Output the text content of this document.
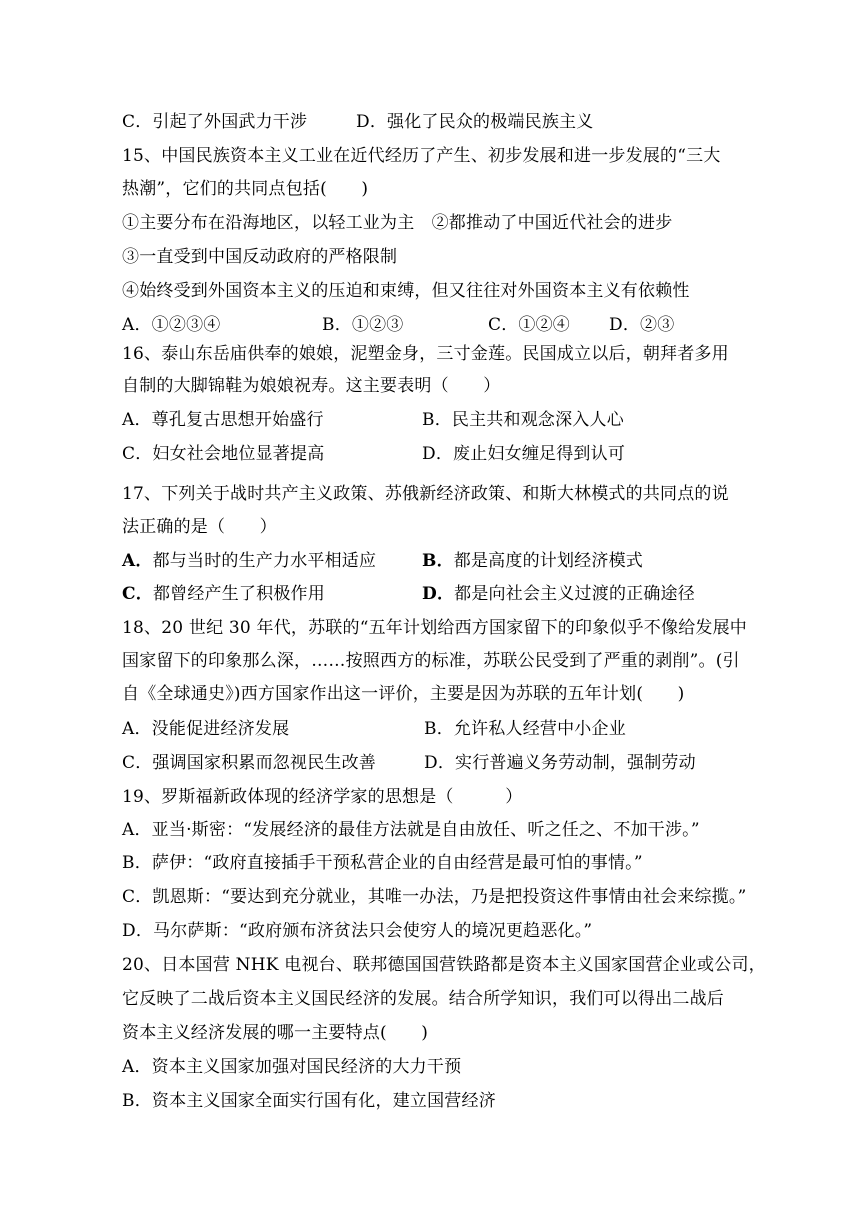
C．引起了外国武力干涉	D．强化了民众的极端民族主义
15、中国民族资本主义工业在近代经历了产生、初步发展和进一步发展的“三大
热潮”，它们的共同点包括(　　)
①主要分布在沿海地区，以轻工业为主　②都推动了中国近代社会的进步
③一直受到中国反动政府的严格限制
④始终受到外国资本主义的压迫和束缚，但又往往对外国资本主义有依赖性
A．①②③④	B．①②③	C．①②④ D．②③
16、泰山东岳庙供奉的娘娘，泥塑金身，三寸金莲。民国成立以后，朝拜者多用
自制的大脚锦鞋为娘娘祝寿。这主要表明（　　）
A．尊孔复古思想开始盛行	B．民主共和观念深入人心
C．妇女社会地位显著提高	D．废止妇女缠足得到认可
17、下列关于战时共产主义政策、苏俄新经济政策、和斯大林模式的共同点的说
法正确的是（　　）
A．都与当时的生产力水平相适应	B．都是高度的计划经济模式
C．都曾经产生了积极作用	D．都是向社会主义过渡的正确途径
18、20 世纪 30 年代，苏联的“五年计划给西方国家留下的印象似乎不像给发展中
国家留下的印象那么深，……按照西方的标准，苏联公民受到了严重的剥削”。(引
自《全球通史》)西方国家作出这一评价，主要是因为苏联的五年计划(　　)
A．没能促进经济发展	B．允许私人经营中小企业
C．强调国家积累而忽视民生改善	D．实行普遍义务劳动制，强制劳动
19、罗斯福新政体现的经济学家的思想是（　　　）
A．亚当·斯密：“发展经济的最佳方法就是自由放任、听之任之、不加干涉。”
B．萨伊：“政府直接插手干预私营企业的自由经营是最可怕的事情。”
C．凯恩斯：“要达到充分就业，其唯一办法，乃是把投资这件事情由社会来综揽。”
D．马尔萨斯：“政府颁布济贫法只会使穷人的境况更趋恶化。”
20、日本国营 NHK 电视台、联邦德国国营铁路都是资本主义国家国营企业或公司，
它反映了二战后资本主义国民经济的发展。结合所学知识，我们可以得出二战后
资本主义经济发展的哪一主要特点(　　)
A．资本主义国家加强对国民经济的大力干预
B．资本主义国家全面实行国有化，建立国营经济
